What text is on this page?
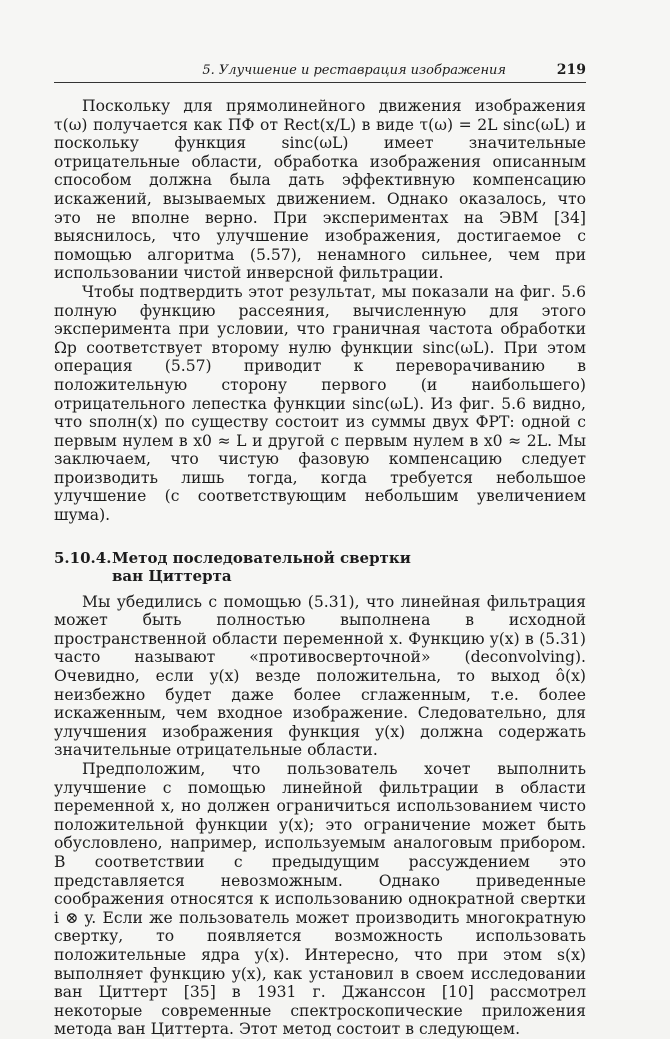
5. Улучшение и реставрация изображения	219

Поскольку для прямолинейного движения изображения τ(ω) получается как ПФ от Rect(x/L) в виде τ(ω) = 2L sinc(ωL) и поскольку функция sinc(ωL) имеет значительные отрицательные области, обработка изображения описанным способом должна была дать эффективную компенсацию искажений, вызываемых движением. Однако оказалось, что это не вполне верно. При экспериментах на ЭВМ [34] выяснилось, что улучшение изображения, достигаемое с помощью алгоритма (5.57), ненамного сильнее, чем при использовании чистой инверсной фильтрации.

Чтобы подтвердить этот результат, мы показали на фиг. 5.6 полную функцию рассеяния, вычисленную для этого эксперимента при условии, что граничная частота обработки Ωp соответствует второму нулю функции sinc(ωL). При этом операция (5.57) приводит к переворачиванию в положительную сторону первого (и наибольшего) отрицательного лепестка функции sinc(ωL). Из фиг. 5.6 видно, что sполн(x) по существу состоит из суммы двух ФРТ: одной с первым нулем в x0 ≈ L и другой с первым нулем в x0 ≈ 2L. Мы заключаем, что чистую фазовую компенсацию следует производить лишь тогда, когда требуется небольшое улучшение (с соответствующим небольшим увеличением шума).

5.10.4.Метод последовательной свертки
ван Циттерта

Мы убедились с помощью (5.31), что линейная фильтрация может быть полностью выполнена в исходной пространственной области переменной x. Функцию y(x) в (5.31) часто называют «противосверточной» (deconvolving). Очевидно, если y(x) везде положительна, то выход ô(x) неизбежно будет даже более сглаженным, т.е. более искаженным, чем входное изображение. Следовательно, для улучшения изображения функция y(x) должна содержать значительные отрицательные области.

Предположим, что пользователь хочет выполнить улучшение с помощью линейной фильтрации в области переменной x, но должен ограничиться использованием чисто положительной функции y(x); это ограничение может быть обусловлено, например, используемым аналоговым прибором. В соответствии с предыдущим рассуждением это представляется невозможным. Однако приведенные соображения относятся к использованию однократной свертки i ⊗ y. Если же пользователь может производить многократную свертку, то появляется возможность использовать положительные ядра y(x). Интересно, что при этом s(x) выполняет функцию y(x), как установил в своем исследовании ван Циттерт [35] в 1931 г. Джанссон [10] рассмотрел некоторые современные спектроскопические приложения метода ван Циттерта. Этот метод состоит в следующем.
